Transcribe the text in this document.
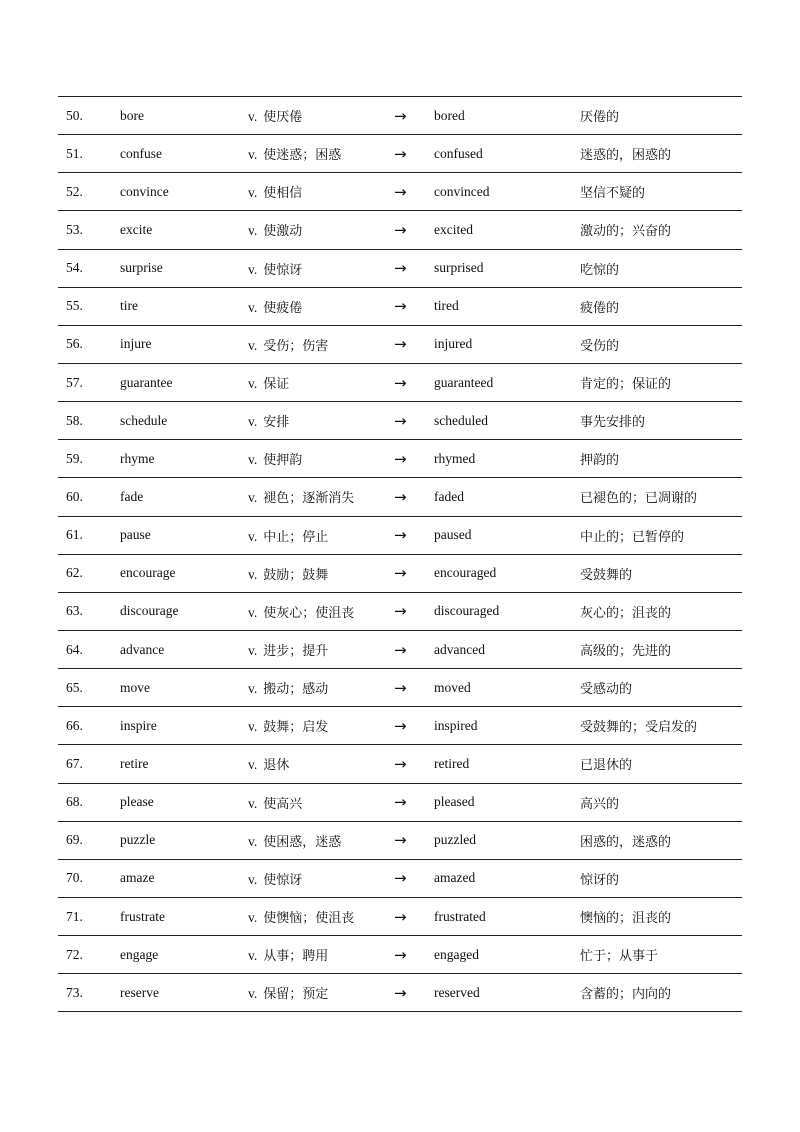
50.	bore	v. 使厌倦	→	bored	厌倦的
51.	confuse	v. 使迷惑；困惑	→	confused	迷惑的，困惑的
52.	convince	v. 使相信	→	convinced	坚信不疑的
53.	excite	v. 使激动	→	excited	激动的；兴奋的
54.	surprise	v. 使惊讶	→	surprised	吃惊的
55.	tire	v. 使疲倦	→	tired	疲倦的
56.	injure	v. 受伤；伤害	→	injured	受伤的
57.	guarantee	v. 保证	→	guaranteed	肯定的；保证的
58.	schedule	v. 安排	→	scheduled	事先安排的
59.	rhyme	v. 使押韵	→	rhymed	押韵的
60.	fade	v. 褪色；逐渐消失	→	faded	已褪色的；已凋谢的
61.	pause	v. 中止；停止	→	paused	中止的；已暂停的
62.	encourage	v. 鼓励；鼓舞	→	encouraged	受鼓舞的
63.	discourage	v. 使灰心；使沮丧	→	discouraged	灰心的；沮丧的
64.	advance	v. 进步；提升	→	advanced	高级的；先进的
65.	move	v. 搬动；感动	→	moved	受感动的
66.	inspire	v. 鼓舞；启发	→	inspired	受鼓舞的；受启发的
67.	retire	v. 退休	→	retired	已退休的
68.	please	v. 使高兴	→	pleased	高兴的
69.	puzzle	v. 使困惑，迷惑	→	puzzled	困惑的，迷惑的
70.	amaze	v. 使惊讶	→	amazed	惊讶的
71.	frustrate	v. 使懊恼；使沮丧	→	frustrated	懊恼的；沮丧的
72.	engage	v. 从事；聘用	→	engaged	忙于；从事于
73.	reserve	v. 保留；预定	→	reserved	含蓄的；内向的
